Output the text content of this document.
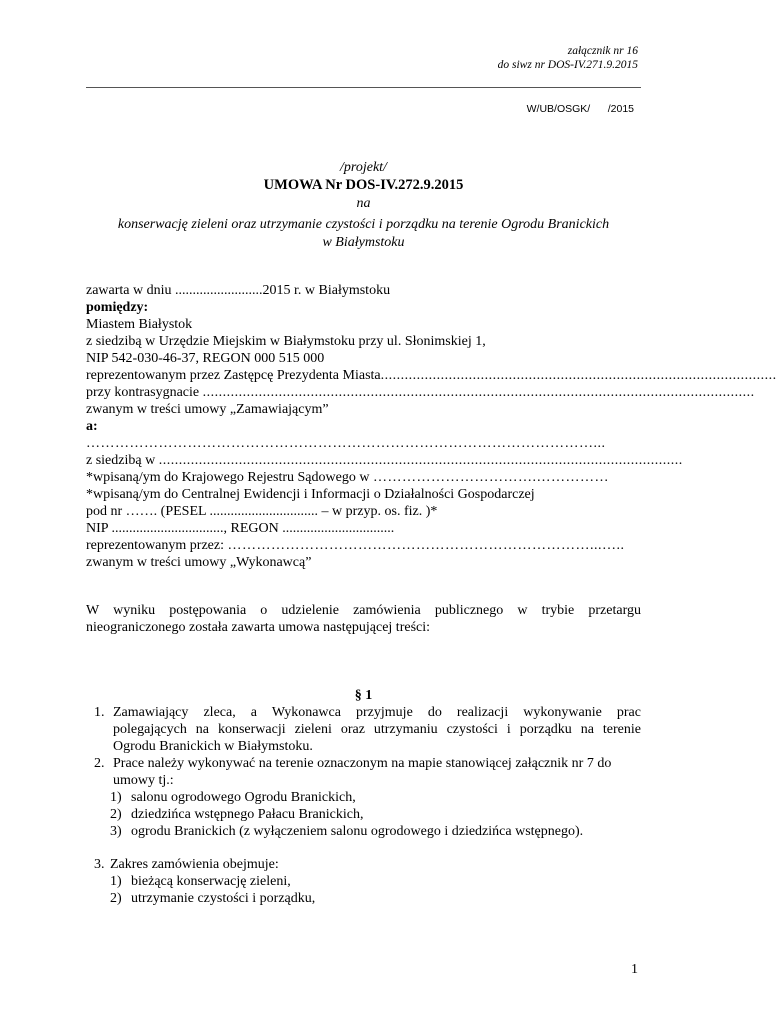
załącznik nr 16
do siwz nr DOS-IV.271.9.2015
W/UB/OSGK/      /2015
/projekt/
UMOWA Nr DOS-IV.272.9.2015
na
konserwację zieleni oraz utrzymanie czystości i porządku na terenie Ogrodu Branickich
w Białymstoku
zawarta w dniu .........................2015 r. w Białymstoku
pomiędzy:
Miastem Białystok
z siedzibą w Urzędzie Miejskim w Białymstoku przy ul. Słonimskiej 1,
NIP 542-030-46-37, REGON 000 515 000
reprezentowanym przez Zastępcę Prezydenta Miasta ...................................................................................................
przy kontrasygnacie ..........................................................................................................................................
zwanym w treści umowy „Zamawiającym”
a:
……………………………………………………………………………………………...
z siedzibą w ...................................................................................................................................
*wpisaną/ym do Krajowego Rejestru Sądowego w …………………………….……………
*wpisaną/ym do Centralnej Ewidencji i Informacji o Działalności Gospodarczej
pod nr ……. (PESEL ............................... – w przyp. os. fiz. )*
NIP ................................, REGON ................................
reprezentowanym przez: …………………………………………………………………...…..
zwanym w treści umowy „Wykonawcą”
W wyniku postępowania o udzielenie zamówienia publicznego w trybie przetargu
nieograniczonego została zawarta umowa następującej treści:
§ 1
1. Zamawiający zleca, a Wykonawca przyjmuje do realizacji wykonywanie prac
polegających na konserwacji zieleni oraz utrzymaniu czystości i porządku na terenie
Ogrodu Branickich w Białymstoku.
2. Prace należy wykonywać na terenie oznaczonym na mapie stanowiącej załącznik nr 7 do
umowy tj.:
1) salonu ogrodowego Ogrodu Branickich,
2) dziedzińca wstępnego Pałacu Branickich,
3) ogrodu Branickich (z wyłączeniem salonu ogrodowego i dziedzińca wstępnego).
3. Zakres zamówienia obejmuje:
1) bieżącą konserwację zieleni,
2) utrzymanie czystości i porządku,
1
